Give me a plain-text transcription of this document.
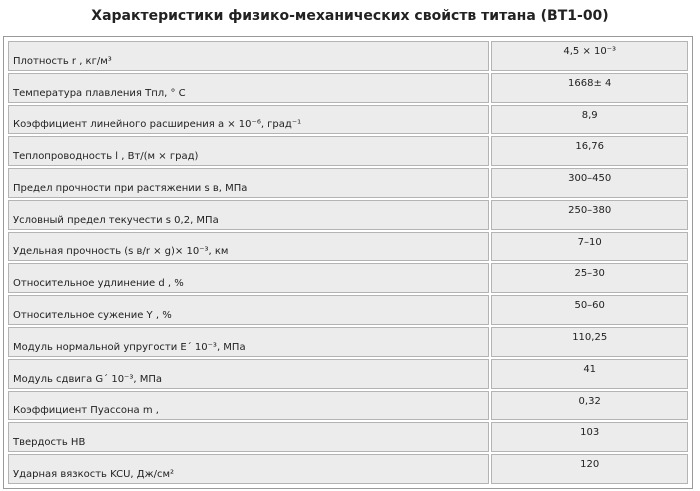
Характеристики физико-механических свойств титана (ВТ1-00)
Плотность r , кг/м³	4,5 × 10⁻³
Температура плавления Тпл, ° С	1668± 4
Коэффициент линейного расширения a × 10⁻⁶, град⁻¹	8,9
Теплопроводность l , Вт/(м × град)	16,76
Предел прочности при растяжении s в, МПа	300–450
Условный предел текучести s 0,2, МПа	250–380
Удельная прочность (s в/r × g)× 10⁻³, км	7–10
Относительное удлинение d , %	25–30
Относительное сужение Y , %	50–60
Модуль нормальной упругости Е´ 10⁻³, МПа	110,25
Модуль сдвига G´ 10⁻³, МПа	41
Коэффициент Пуассона m ,	0,32
Твердость НВ	103
Ударная вязкость KCU, Дж/см²	120
